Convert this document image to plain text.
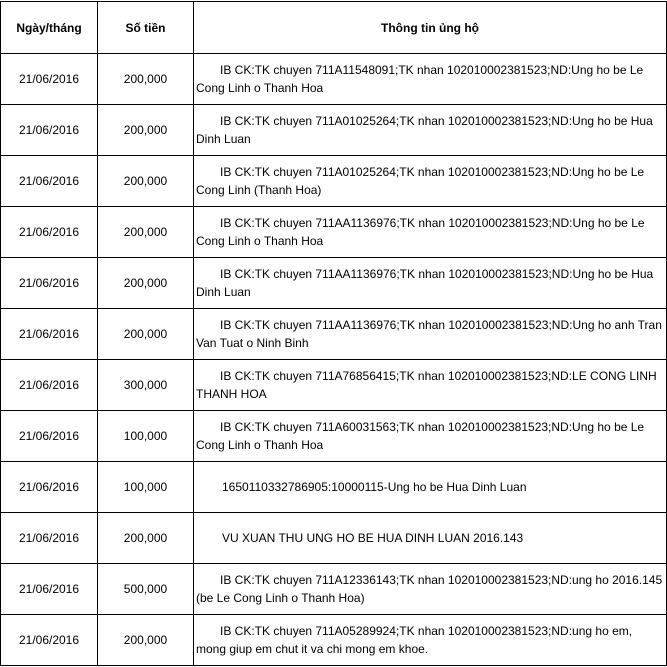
Ngày/tháng	Số tiền	Thông tin ủng hộ
21/06/2016	200,000	IB CK:TK chuyen 711A11548091;TK nhan 102010002381523;ND:Ung ho be Le Cong Linh o Thanh Hoa
21/06/2016	200,000	IB CK:TK chuyen 711A01025264;TK nhan 102010002381523;ND:Ung ho be Hua Dinh Luan
21/06/2016	200,000	IB CK:TK chuyen 711A01025264;TK nhan 102010002381523;ND:Ung ho be Le Cong Linh (Thanh Hoa)
21/06/2016	200,000	IB CK:TK chuyen 711AA1136976;TK nhan 102010002381523;ND:Ung ho be Le Cong Linh o Thanh Hoa
21/06/2016	200,000	IB CK:TK chuyen 711AA1136976;TK nhan 102010002381523;ND:Ung ho be Hua Dinh Luan
21/06/2016	200,000	IB CK:TK chuyen 711AA1136976;TK nhan 102010002381523;ND:Ung ho anh Tran Van Tuat o Ninh Binh
21/06/2016	300,000	IB CK:TK chuyen 711A76856415;TK nhan 102010002381523;ND:LE CONG LINH THANH HOA
21/06/2016	100,000	IB CK:TK chuyen 711A60031563;TK nhan 102010002381523;ND:Ung ho be Le Cong Linh o Thanh Hoa
21/06/2016	100,000	1650110332786905:10000115-Ung ho be Hua Dinh Luan
21/06/2016	200,000	VU XUAN THU UNG HO BE HUA DINH LUAN 2016.143
21/06/2016	500,000	IB CK:TK chuyen 711A12336143;TK nhan 102010002381523;ND:ung ho 2016.145 (be Le Cong Linh o Thanh Hoa)
21/06/2016	200,000	IB CK:TK chuyen 711A05289924;TK nhan 102010002381523;ND:ung ho em, mong giup em chut it va chi mong em khoe.
